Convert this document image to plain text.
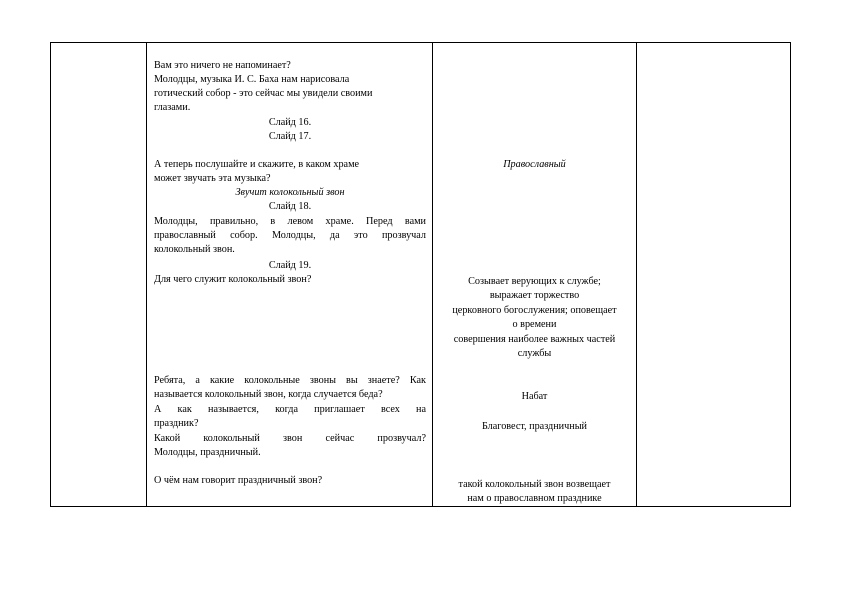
Вам это ничего не напоминает?
Молодцы, музыка И. С. Баха нам нарисовала
готический собор - это сейчас мы увидели своими
глазами.
Слайд 16.
Слайд 17.
А теперь послушайте и скажите, в каком храме
может звучать эта музыка?
Звучит колокольный звон
Слайд 18.
Молодцы, правильно, в левом храме. Перед вами
православный собор. Молодцы, да это прозвучал
колокольный звон.
Слайд 19.
Для чего служит колокольный звон?
Ребята, а какие колокольные звоны вы знаете? Как
называется колокольный звон, когда случается беда?
А как называется, когда приглашает всех на
праздник?
Какой колокольный звон сейчас прозвучал?
Молодцы, праздничный.
О чём нам говорит праздничный звон?
Православный
Созывает верующих к службе;
выражает торжество
церковного богослужения; оповещает
о времени
совершения наиболее важных частей
службы
Набат
Благовест, праздничный
такой колокольный звон возвещает
нам о православном празднике
